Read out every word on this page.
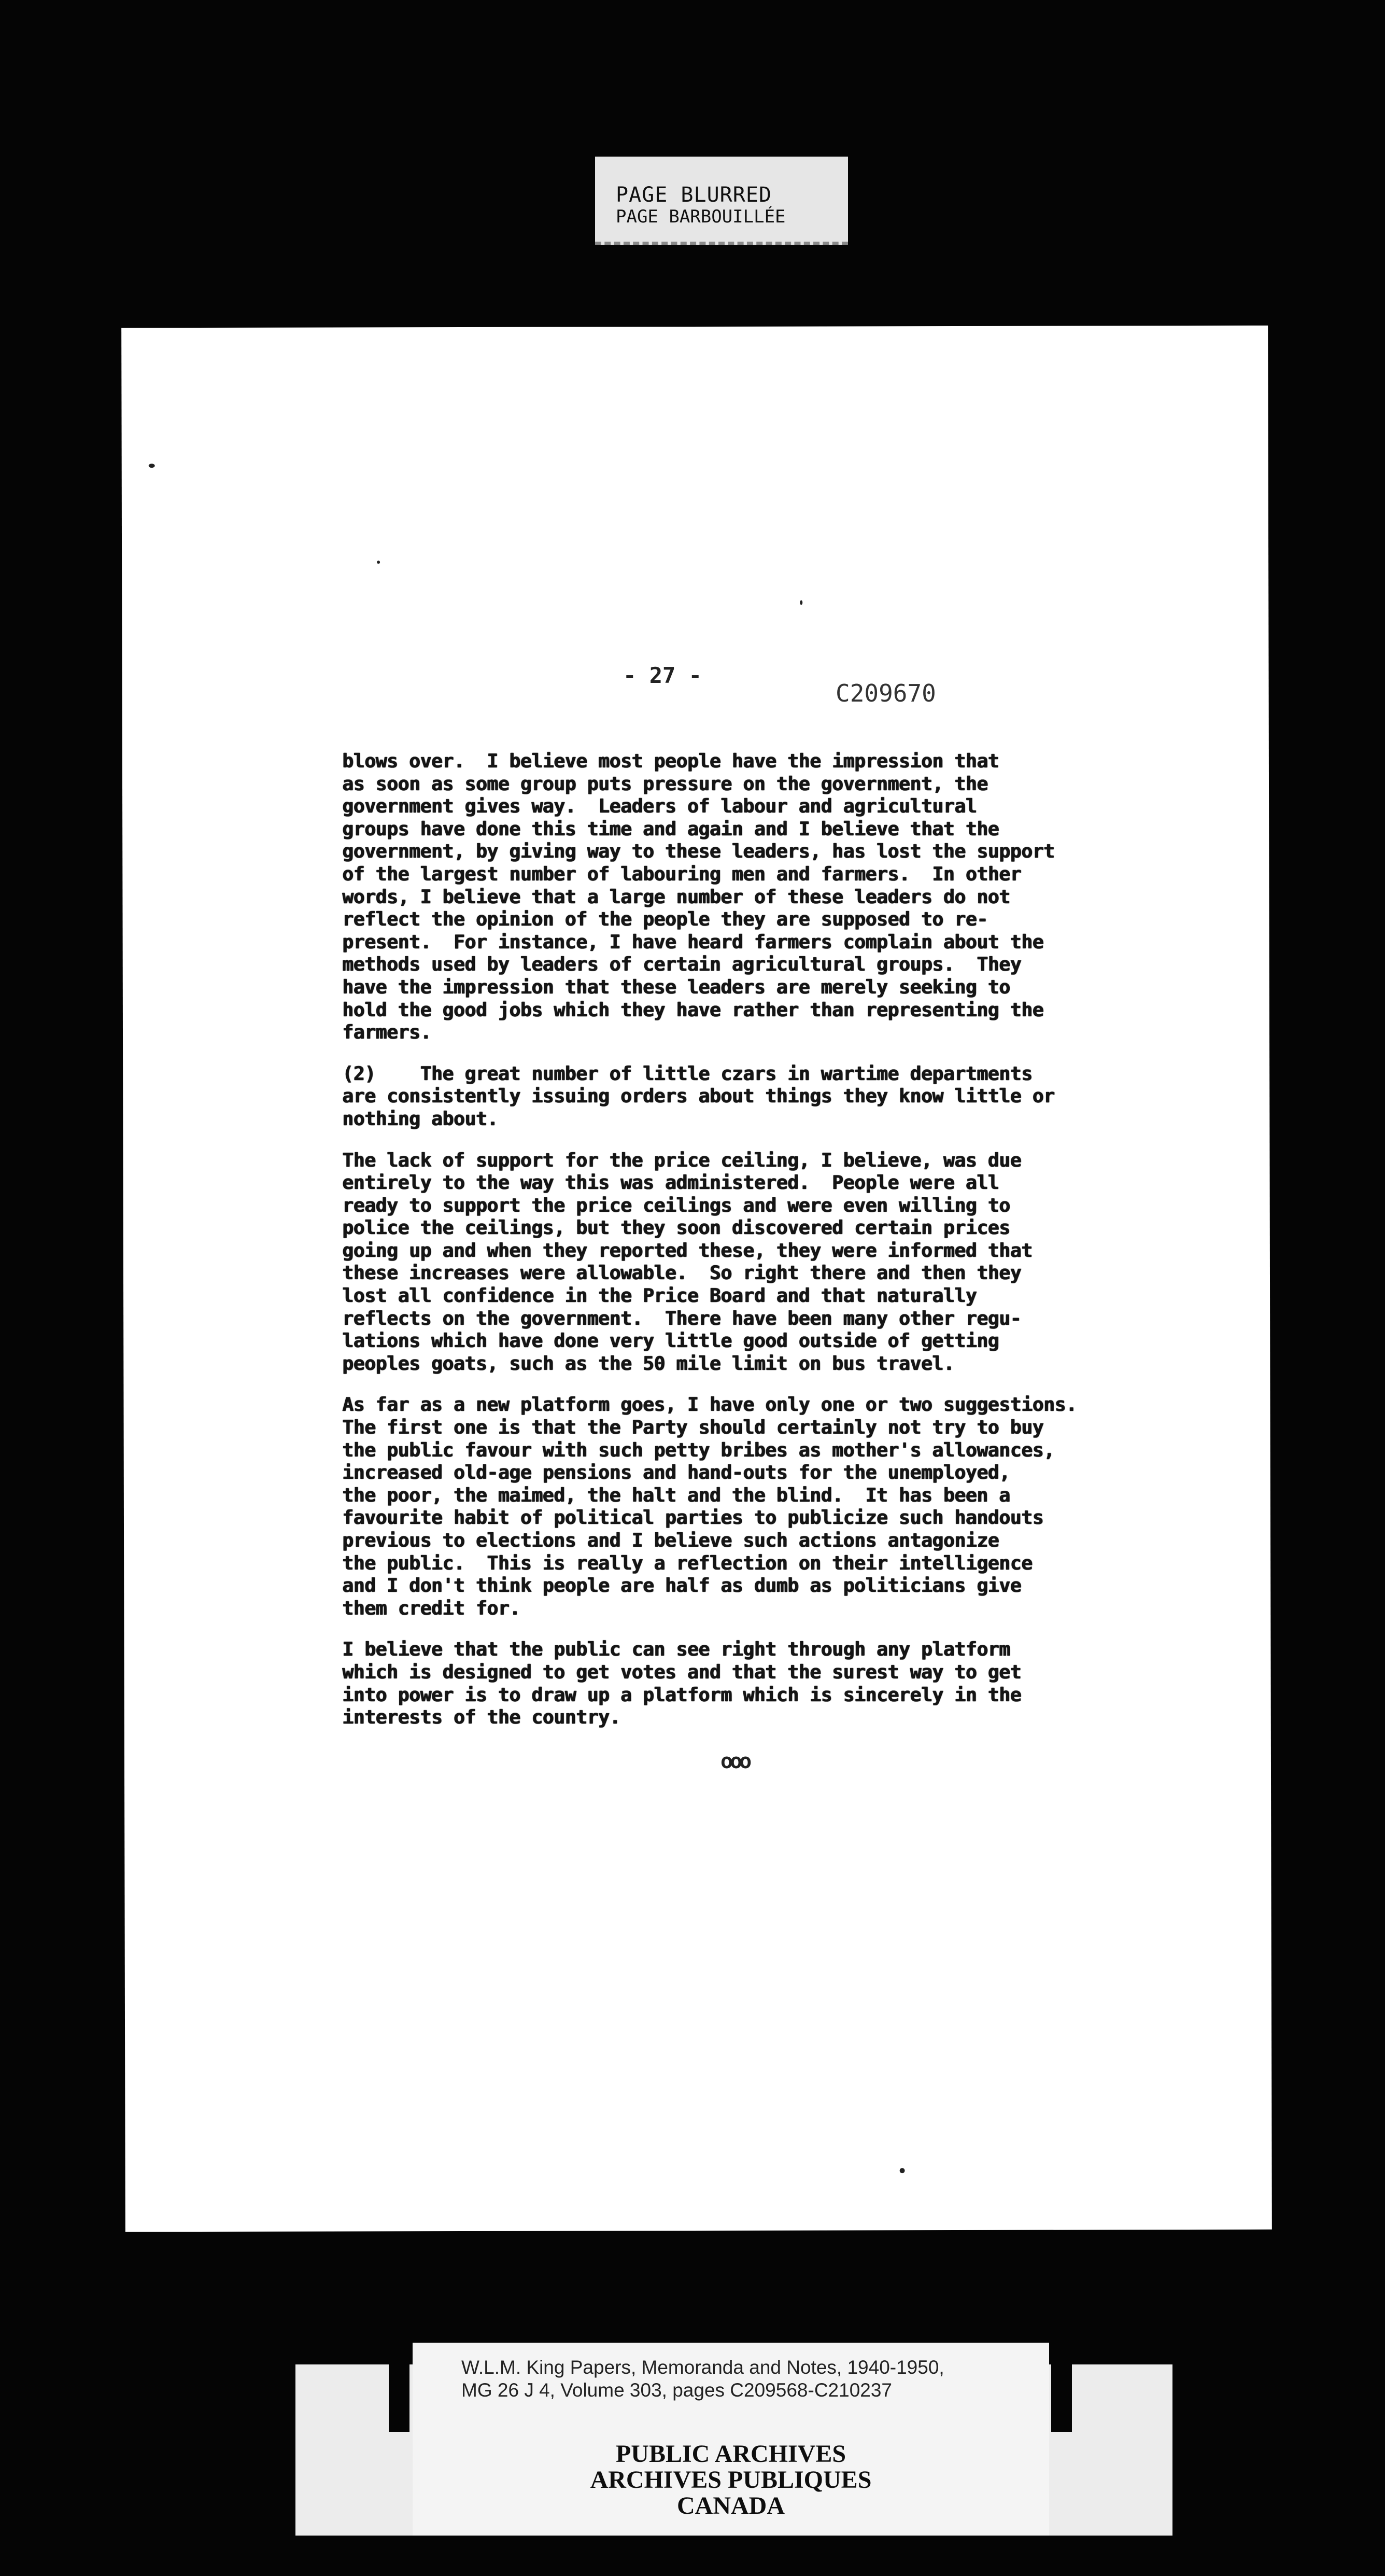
PAGE BLURRED
PAGE BARBOUILLÉE
- 27 -
C209670
blows over.  I believe most people have the impression that
as soon as some group puts pressure on the government, the
government gives way.  Leaders of labour and agricultural
groups have done this time and again and I believe that the
government, by giving way to these leaders, has lost the support
of the largest number of labouring men and farmers.  In other
words, I believe that a large number of these leaders do not
reflect the opinion of the people they are supposed to re-
present.  For instance, I have heard farmers complain about the
methods used by leaders of certain agricultural groups.  They
have the impression that these leaders are merely seeking to
hold the good jobs which they have rather than representing the
farmers.
(2)    The great number of little czars in wartime departments
are consistently issuing orders about things they know little or
nothing about.
The lack of support for the price ceiling, I believe, was due
entirely to the way this was administered.  People were all
ready to support the price ceilings and were even willing to
police the ceilings, but they soon discovered certain prices
going up and when they reported these, they were informed that
these increases were allowable.  So right there and then they
lost all confidence in the Price Board and that naturally
reflects on the government.  There have been many other regu-
lations which have done very little good outside of getting
peoples goats, such as the 50 mile limit on bus travel.
As far as a new platform goes, I have only one or two suggestions.
The first one is that the Party should certainly not try to buy
the public favour with such petty bribes as mother's allowances,
increased old-age pensions and hand-outs for the unemployed,
the poor, the maimed, the halt and the blind.  It has been a
favourite habit of political parties to publicize such handouts
previous to elections and I believe such actions antagonize
the public.  This is really a reflection on their intelligence
and I don't think people are half as dumb as politicians give
them credit for.
I believe that the public can see right through any platform
which is designed to get votes and that the surest way to get
into power is to draw up a platform which is sincerely in the
interests of the country.
ooo
W.L.M. King Papers, Memoranda and Notes, 1940-1950,
MG 26 J 4, Volume 303, pages C209568-C210237
PUBLIC ARCHIVES
ARCHIVES PUBLIQUES
CANADA
